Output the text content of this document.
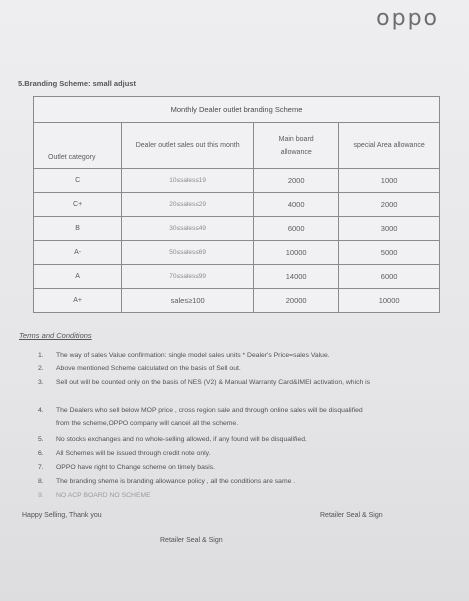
oppo
5.Branding Scheme: small adjust
Monthly Dealer outlet branding Scheme			
Outlet category	Dealer outlet sales out this month	Main board allowance	special Area allowance
C	10≤sales≤19	2000	1000
C+	20≤sales≤29	4000	2000
B	30≤sales≤49	6000	3000
A-	50≤sales≤69	10000	5000
A	70≤sales≤99	14000	6000
A+	sales≥100	20000	10000
Terms and Conditions
1. The way of sales Value confirmation: single model sales units * Dealer's Price=sales Value.
2. Above mentioned Scheme calculated on the basis of Sell out.
3. Sell out will be counted only on the basis of NES (V2) & Manual Warranty Card&IMEI activation, which is
4. The Dealers who sell below MOP price , cross region sale and through online sales will be disqualified
from the scheme,OPPO company will cancel all the scheme.
5. No stocks exchanges and no whole-selling allowed, if any found will be disqualified.
6. All Schemes will be issued through credit note only.
7. OPPO have right to Change scheme on timely basis.
8. The branding sheme is branding allowance policy , all the conditions are same .
9. NO ACP BOARD NO SCHEME
Happy Selling, Thank you	Retailer Seal & Sign
Retailer Seal & Sign
